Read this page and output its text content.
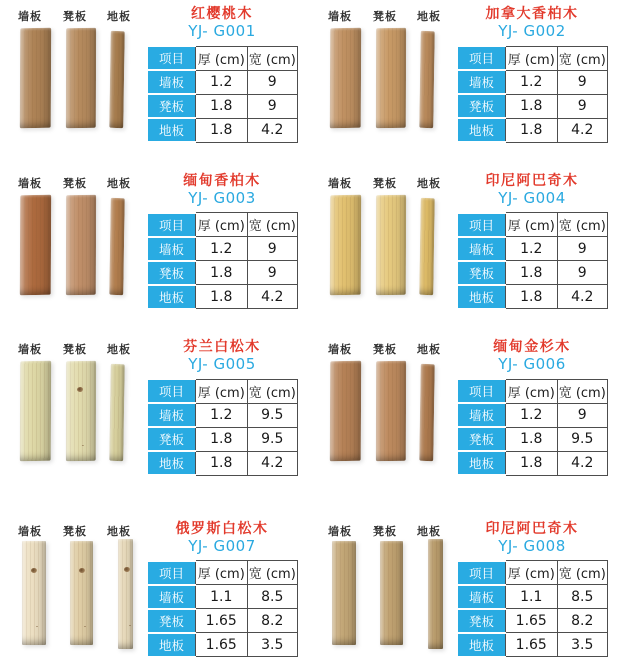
墙板 凳板 地板	红樱桃木
YJ- G001
项目	厚 (cm)	宽 (cm)
墙板	1.2	9
凳板	1.8	9
地板	1.8	4.2
墙板 凳板 地板	加拿大香柏木
YJ- G002
项目	厚 (cm)	宽 (cm)
墙板	1.2	9
凳板	1.8	9
地板	1.8	4.2
墙板 凳板 地板	缅甸香柏木
YJ- G003
项目	厚 (cm)	宽 (cm)
墙板	1.2	9
凳板	1.8	9
地板	1.8	4.2
墙板 凳板 地板	印尼阿巴奇木
YJ- G004
项目	厚 (cm)	宽 (cm)
墙板	1.2	9
凳板	1.8	9
地板	1.8	4.2
墙板 凳板 地板	芬兰白松木
YJ- G005
项目	厚 (cm)	宽 (cm)
墙板	1.2	9.5
凳板	1.8	9.5
地板	1.8	4.2
墙板 凳板 地板	缅甸金杉木
YJ- G006
项目	厚 (cm)	宽 (cm)
墙板	1.2	9
凳板	1.8	9.5
地板	1.8	4.2
墙板 凳板 地板	俄罗斯白松木
YJ- G007
项目	厚 (cm)	宽 (cm)
墙板	1.1	8.5
凳板	1.65	8.2
地板	1.65	3.5
墙板 凳板 地板	印尼阿巴奇木
YJ- G008
项目	厚 (cm)	宽 (cm)
墙板	1.1	8.5
凳板	1.65	8.2
地板	1.65	3.5
